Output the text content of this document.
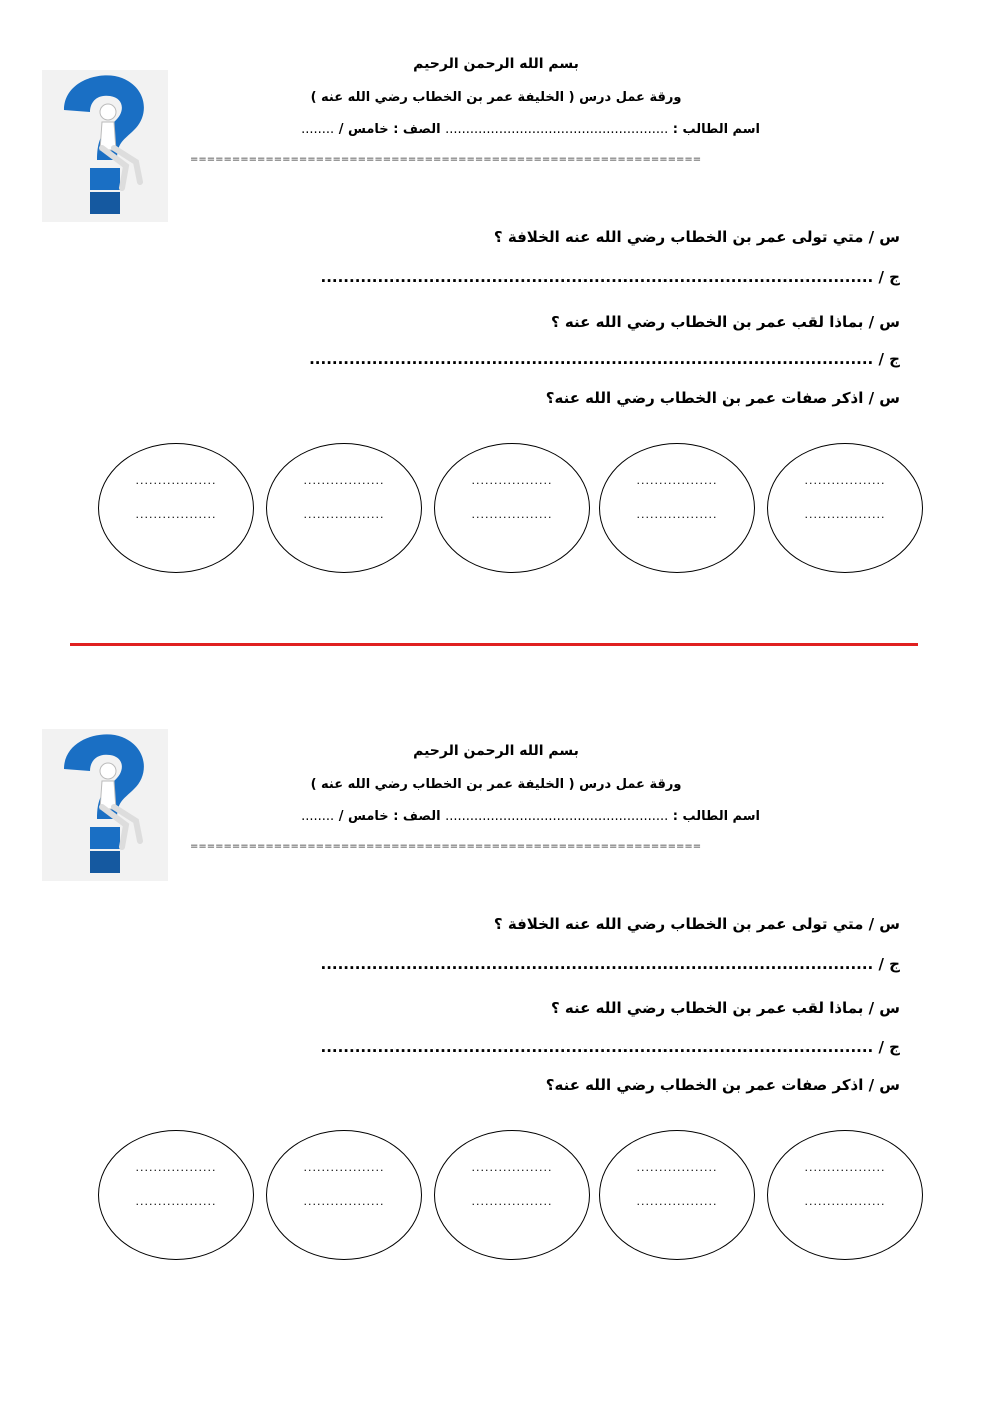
بسم الله الرحمن الرحيم
ورقة عمل درس ( الخليفة عمر بن الخطاب رضي الله عنه )
اسم الطالب : ...................................................... الصف : خامس / ........
=============================================================
س / متي تولى عمر بن الخطاب رضي الله عنه الخلافة ؟
ج / .................................................................................................
س / بماذا لقب عمر بن الخطاب رضي الله عنه ؟
ج / ...................................................................................................
س / اذكر صفات عمر بن الخطاب رضي الله عنه؟
..................
..................
..................
..................
..................
..................
..................
..................
..................
..................
بسم الله الرحمن الرحيم
ورقة عمل درس ( الخليفة عمر بن الخطاب رضي الله عنه )
اسم الطالب : ...................................................... الصف : خامس / ........
=============================================================
س / متي تولى عمر بن الخطاب رضي الله عنه الخلافة ؟
ج / .................................................................................................
س / بماذا لقب عمر بن الخطاب رضي الله عنه ؟
ج / .................................................................................................
س / اذكر صفات عمر بن الخطاب رضي الله عنه؟
..................
..................
..................
..................
..................
..................
..................
..................
..................
..................
